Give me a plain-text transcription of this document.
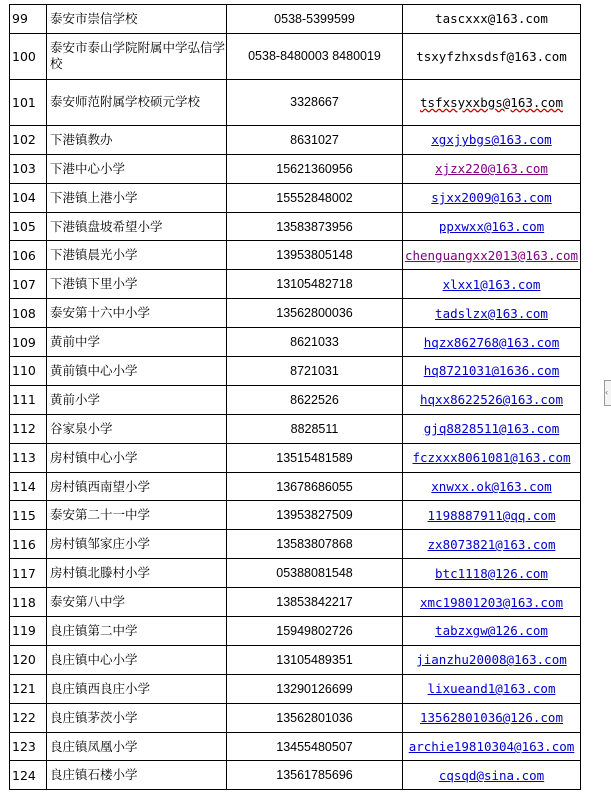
99	泰安市崇信学校	0538-5399599	tascxxx@163.com
100	泰安市泰山学院附属中学弘信学校	0538-8480003 8480019	tsxyfzhxsdsf@163.com
101	泰安师范附属学校硕元学校	3328667	tsfxsyxxbgs@163.com
102	下港镇教办	8631027	xgxjybgs@163.com
103	下港中心小学	15621360956	xjzx220@163.com
104	下港镇上港小学	15552848002	sjxx2009@163.com
105	下港镇盘坡希望小学	13583873956	ppxwxx@163.com
106	下港镇晨光小学	13953805148	chenguangxx2013@163.com
107	下港镇下里小学	13105482718	xlxx1@163.com
108	泰安第十六中小学	13562800036	tadslzx@163.com
109	黄前中学	8621033	hqzx862768@163.com
110	黄前镇中心小学	8721031	hq8721031@1636.com
111	黄前小学	8622526	hqxx8622526@163.com
112	谷家泉小学	8828511	gjq8828511@163.com
113	房村镇中心小学	13515481589	fczxxx8061081@163.com
114	房村镇西南望小学	13678686055	xnwxx.ok@163.com
115	泰安第二十一中学	13953827509	1198887911@qq.com
116	房村镇邹家庄小学	13583807868	zx8073821@163.com
117	房村镇北滕村小学	05388081548	btc1118@126.com
118	泰安第八中学	13853842217	xmc19801203@163.com
119	良庄镇第二中学	15949802726	tabzxgw@126.com
120	良庄镇中心小学	13105489351	jianzhu20008@163.com
121	良庄镇西良庄小学	13290126699	lixueand1@163.com
122	良庄镇茅茨小学	13562801036	13562801036@126.com
123	良庄镇凤凰小学	13455480507	archie19810304@163.com
124	良庄镇石楼小学	13561785696	cqsqd@sina.com
‹
